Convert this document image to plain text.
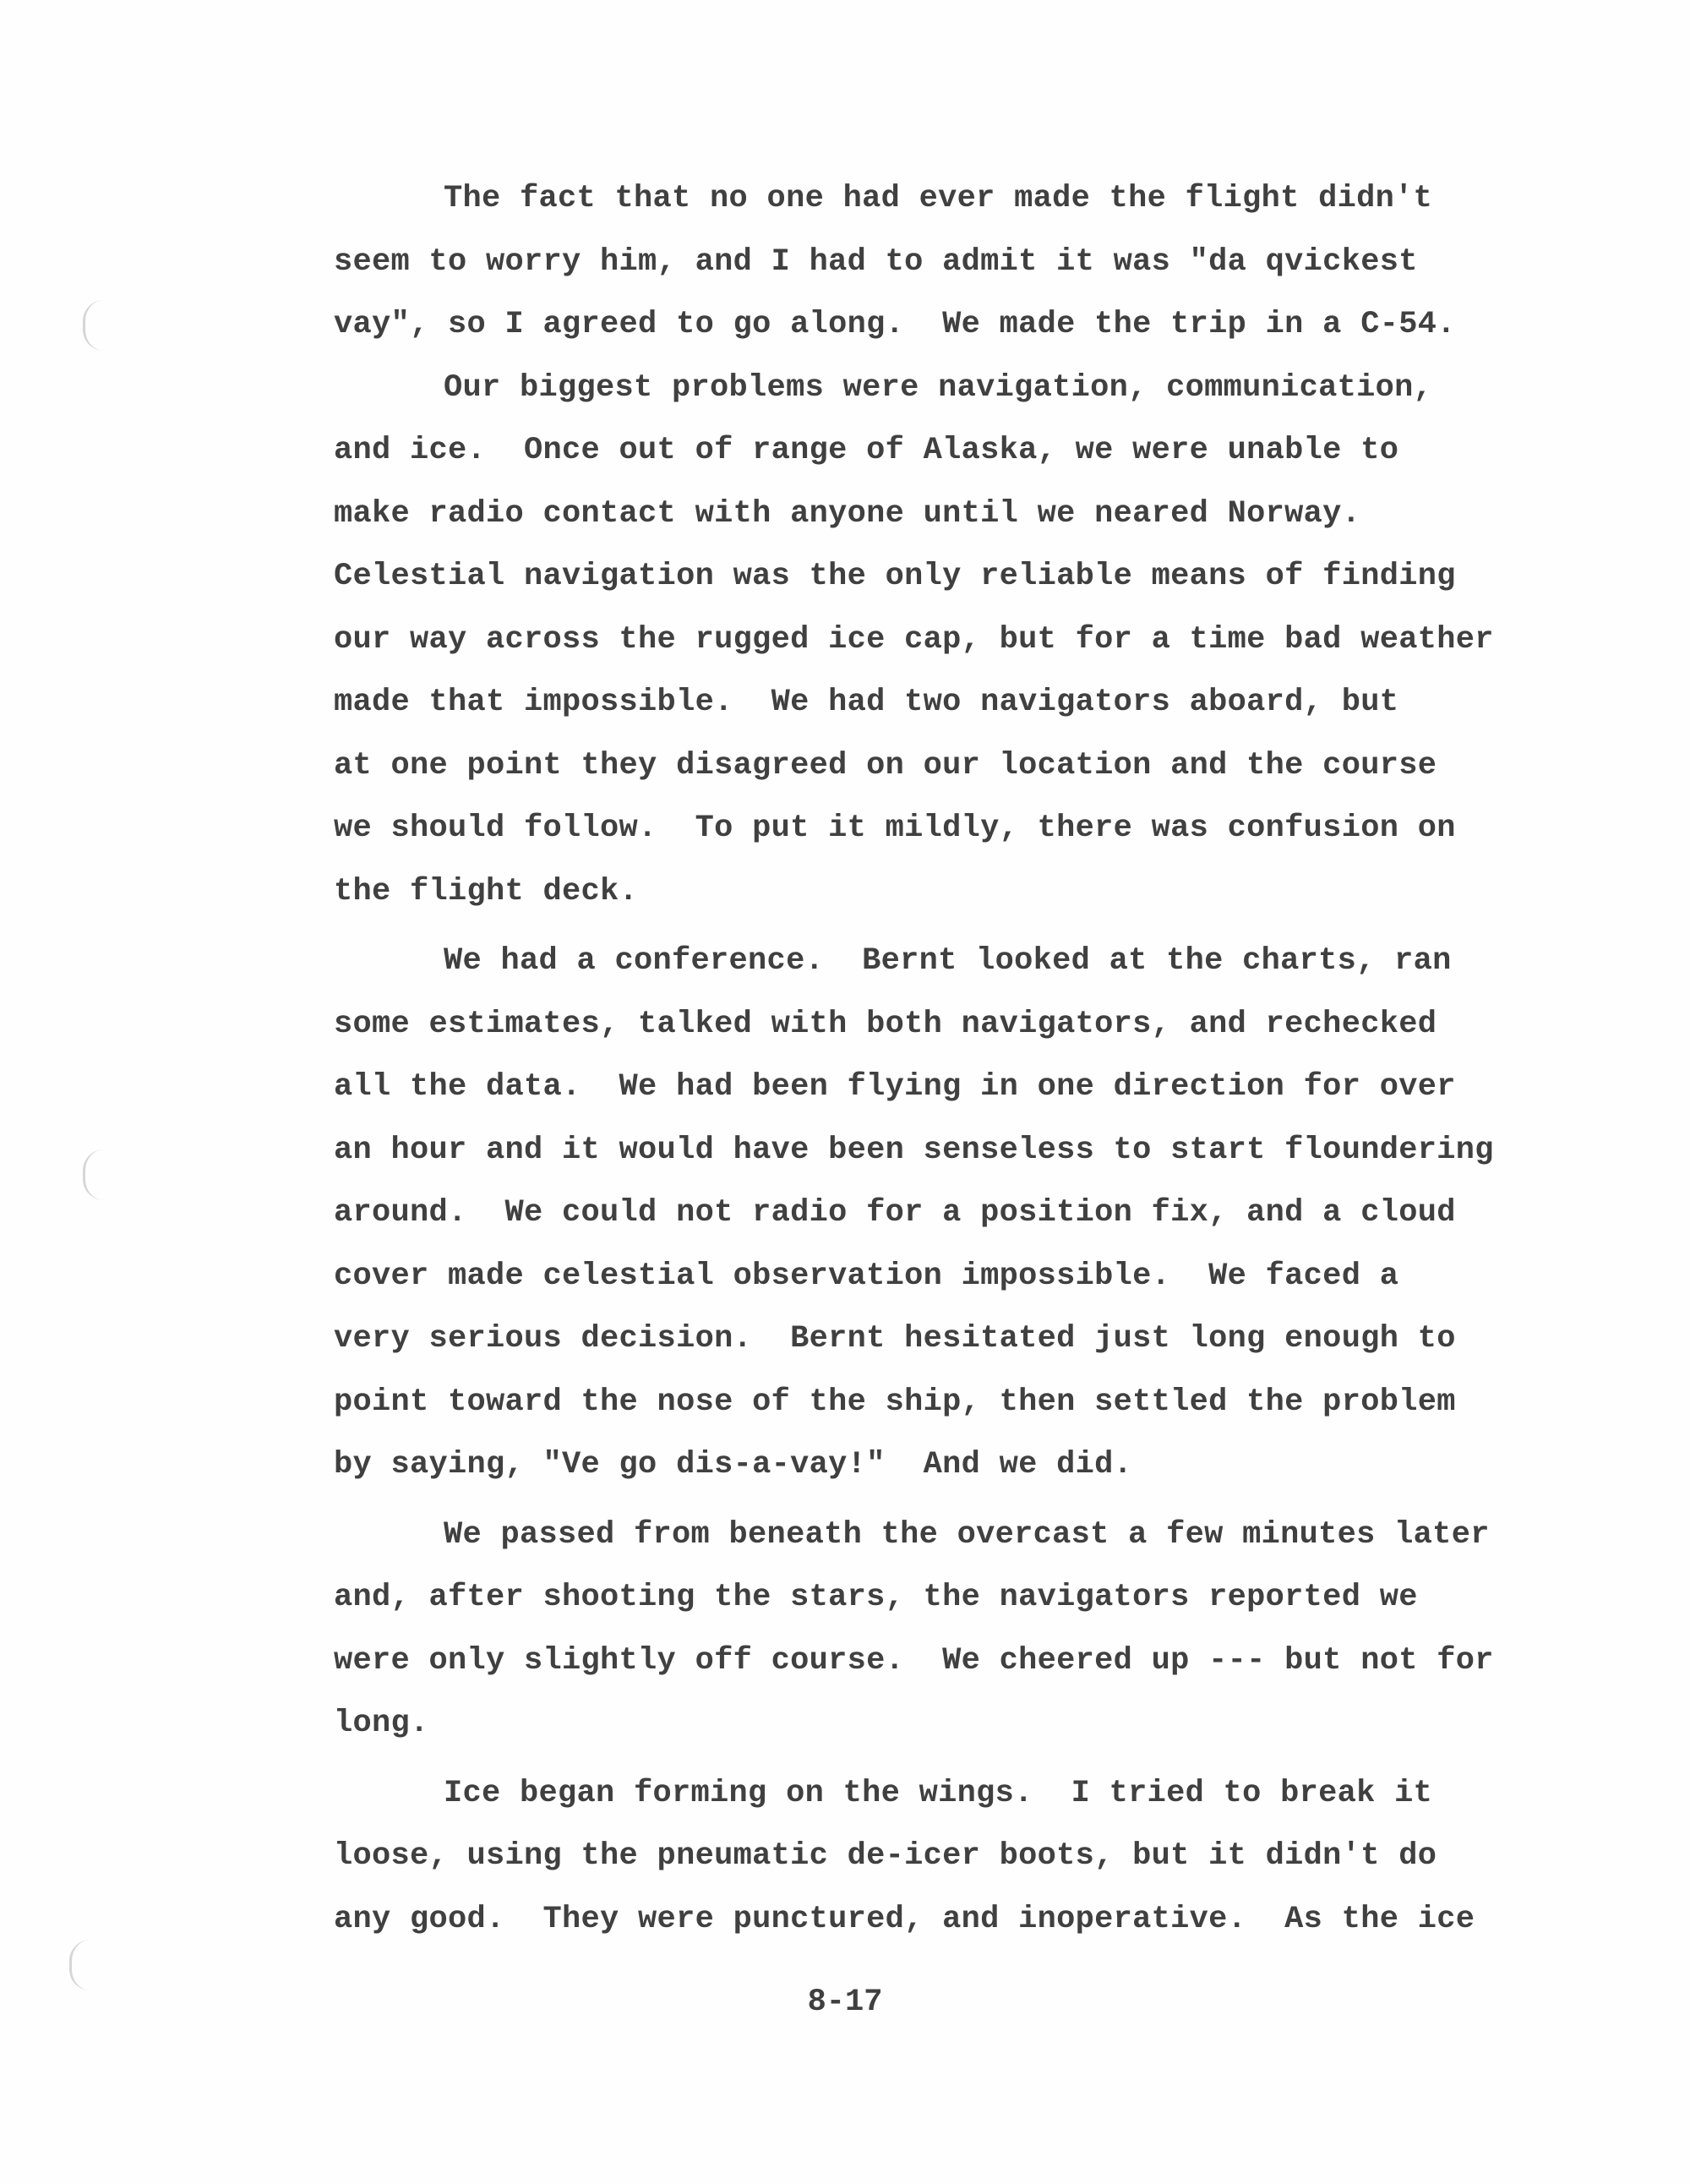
The fact that no one had ever made the flight didn't
seem to worry him, and I had to admit it was "da qvickest
vay", so I agreed to go along.  We made the trip in a C-54.
Our biggest problems were navigation, communication,
and ice.  Once out of range of Alaska, we were unable to
make radio contact with anyone until we neared Norway.
Celestial navigation was the only reliable means of finding
our way across the rugged ice cap, but for a time bad weather
made that impossible.  We had two navigators aboard, but
at one point they disagreed on our location and the course
we should follow.  To put it mildly, there was confusion on
the flight deck.
We had a conference.  Bernt looked at the charts, ran
some estimates, talked with both navigators, and rechecked
all the data.  We had been flying in one direction for over
an hour and it would have been senseless to start floundering
around.  We could not radio for a position fix, and a cloud
cover made celestial observation impossible.  We faced a
very serious decision.  Bernt hesitated just long enough to
point toward the nose of the ship, then settled the problem
by saying, "Ve go dis-a-vay!"  And we did.
We passed from beneath the overcast a few minutes later
and, after shooting the stars, the navigators reported we
were only slightly off course.  We cheered up --- but not for
long.
Ice began forming on the wings.  I tried to break it
loose, using the pneumatic de-icer boots, but it didn't do
any good.  They were punctured, and inoperative.  As the ice
8-17
